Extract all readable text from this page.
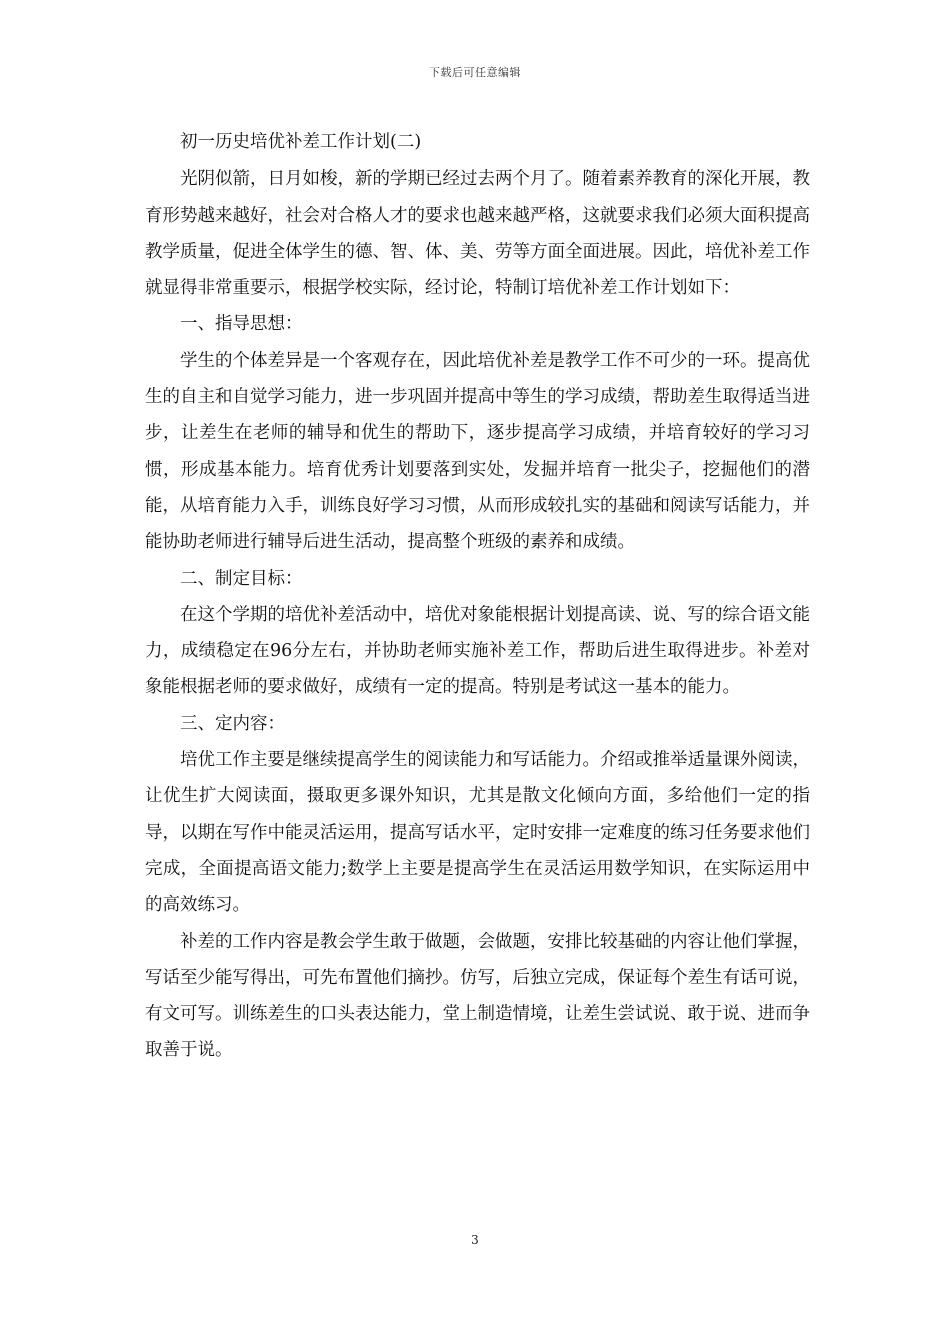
下载后可任意编辑

初一历史培优补差工作计划(二)

光阴似箭，日月如梭，新的学期已经过去两个月了。随着素养教育的深化开展，教育形势越来越好，社会对合格人才的要求也越来越严格，这就要求我们必须大面积提高教学质量，促进全体学生的德、智、体、美、劳等方面全面进展。因此，培优补差工作就显得非常重要示，根据学校实际，经讨论，特制订培优补差工作计划如下：

一、指导思想：

学生的个体差异是一个客观存在，因此培优补差是教学工作不可少的一环。提高优生的自主和自觉学习能力，进一步巩固并提高中等生的学习成绩，帮助差生取得适当进步，让差生在老师的辅导和优生的帮助下，逐步提高学习成绩，并培育较好的学习习惯，形成基本能力。培育优秀计划要落到实处，发掘并培育一批尖子，挖掘他们的潜能，从培育能力入手，训练良好学习习惯，从而形成较扎实的基础和阅读写话能力，并能协助老师进行辅导后进生活动，提高整个班级的素养和成绩。

二、制定目标：

在这个学期的培优补差活动中，培优对象能根据计划提高读、说、写的综合语文能力，成绩稳定在96分左右，并协助老师实施补差工作，帮助后进生取得进步。补差对象能根据老师的要求做好，成绩有一定的提高。特别是考试这一基本的能力。

三、定内容：

培优工作主要是继续提高学生的阅读能力和写话能力。介绍或推举适量课外阅读，让优生扩大阅读面，摄取更多课外知识，尤其是散文化倾向方面，多给他们一定的指导，以期在写作中能灵活运用，提高写话水平，定时安排一定难度的练习任务要求他们完成，全面提高语文能力;数学上主要是提高学生在灵活运用数学知识，在实际运用中的高效练习。

补差的工作内容是教会学生敢于做题，会做题，安排比较基础的内容让他们掌握，写话至少能写得出，可先布置他们摘抄。仿写，后独立完成，保证每个差生有话可说，有文可写。训练差生的口头表达能力，堂上制造情境，让差生尝试说、敢于说、进而争取善于说。

3
